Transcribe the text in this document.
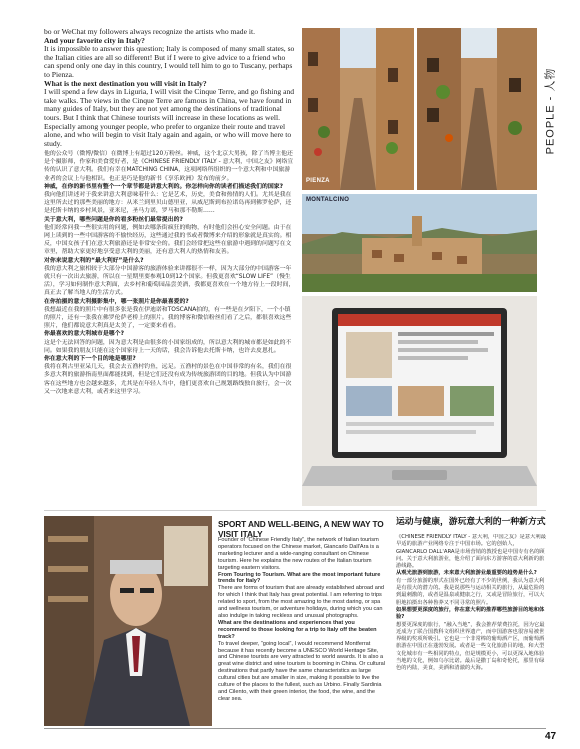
bo or WeChat my followers always recognize the artists who made it.

And your favorite city in Italy?

It is impossible to answer this question; Italy is composed of many small states, so the Italian cities are all so different! But if I were to give advice to a friend who can spend only one day in this country, I would tell him to go to Tuscany, perhaps to Pienza.

What is the next destination you will visit in Italy?

I will spend a few days in Liguria, I will visit the Cinque Terre, and go fishing and take walks. The views in the Cinque Terre are famous in China, we have found in many guides of Italy, but they are not yet among the destinations of traditional tours. But I think that Chinese tourists will increase in these locations as well. Especially among younger people, who prefer to organize their route and travel alone, and who will begin to visit Italy again and again, or who will move here to study.

他的公众号（微博/微信）在微博上有超过120万粉丝。神威，这个北京大男孩，除了当博主他还是个摄影师，作家和美食爱好者，是《CHINESE FRIENDLY ITALY - 意大利，中国之友》网络宣传的认识了意大利。我们有幸在MATCHING CHINA，这项网络所组织的一个意大利和中国旅游业者的会议上与他相识。也正是巧是他的新书《享乐欧洲》发布的前夕。

神威，在你的新书里有整个一个章节都是讲意大利的。你怎样向你的读者们描述我们的国家?

我向他们讲述对于我来讲意大利意味着什么：它是艺术，历史，美食和热情的人们。尤其是我在这里所去过的那些美丽的地方：从米兰到里贝山德里亚，从威尼斯到布拉诺岛再到佛罗伦萨，还是托斯卡纳的乡村风景，亚米尼，圣马力诺，罗马和那不勒斯……

关于意大利，哪些问题是你的看多粉丝们最常提出的?

他们经常问我一些很实用的问题，例如去哪条街疯狂的购物，有时他们会担心安全问题。由于在网上读到的一些中国游客的不愉快经历，这些通过我的书或者微博来介绍的形象就是真实的。相反，中国女孩子们在意大利旅游还是非常安全的。我们会经常把这些在旅游中遇到的问题写在文章里，帮助大家更好地享受意大利的美丽，还有意大利人的热情和友善。

对你来说意大利的“最大利好”是什么?

我的意大利之旅相较于大部分中国游客的旅游体验来讲都很不一样，因为大部分的中国游客一年就只有一次出去旅游，所以在一星期里要参观10到12个国家。但我更喜欢“SLOW LIFE”（慢生活），学习如何制作意大利面，去乡村和葡萄园品尝美酒，我都更喜欢在一个地方待上一段时间，真正去了解当地人的生活方式。

在你拍摄的意大利摄影集中，哪一张照片是你最喜爱的?

我想最近在我的照片中有很多张是我在伊迪诺和TOSCANA拍的，有一些是在夕阳下，一个小镇的照片，还有一张我在佛罗伦萨老桥上的照片。我的博客和微信粉丝们看了之后，都很喜欢这些照片，他们都说意大利真是太美了，一定要来看看。

你最喜欢的意大利城市是哪个?

这是个无法回答的问题，因为意大利是由很多的小国家组成的，所以意大利的城市都是如此的不同。如果我的朋友只能在这个国家待上一天的话，我会告诉他去托斯卡纳，也许去皮恩扎。

你在意大利的下一个目的地是哪里?

我将在利古里亚呆几天，我会去五渔村钓鱼，远足。五渔村的景色在中国非常的有名，我们在很多意大利的旅游指南里面都能找到，但是它们还没有成为传统旅游团的目的地。但我认为中国游客在这些地方也会越来越多，尤其是在年轻人当中，他们更喜欢自己规划路线独自旅行，会一次又一次地来意大利，或者来这里学习。

PIENZA
PEOPLE - 人物
MONTALCINO
SPORT AND WELL-BEING, A NEW WAY TO VISIT ITALY

Founder of “Chinese Friendly Italy”, the network of Italian tourism operators focused on the Chinese market, Giancarlo Dall'Ara is a marketing lecturer and a wide-ranging consultant on Chinese tourism. Here he explains the new routes of the Italian tourism targeting eastern visitors.

From Touring to Tourism. What are the most important future trends for Italy?

There are forms of tourism that are already established abroad and for which I think that Italy has great potential. I am referring to trips related to sport, from the most amazing to the most daring, or spa and wellness tourism, or adventure holidays, during which you can also indulge in taking reckless and unusual photographs.

What are the destinations and experiences that you recommend to those looking for a trip to Italy off the beaten track?

To travel deeper, “going local”, I would recommend Montferrat because it has recently become a UNESCO World Heritage Site, and Chinese tourists are very attracted to world awards. It is also a great wine district and wine tourism is booming in China. Or cultural destinations that partly have the same characteristics as large cultural cities but are smaller in size, making it possible to live the culture of the places to the fullest, such as Urbino. Finally Sardinia and Cilento, with their green interior, the food, the wine, and the clear sea.

运动与健康，游玩意大利的一种新方式

《CHINESE FRIENDLY ITALY - 意大利，中国之友》是意大利最早适的旅游产业网络专注于中国市场。它的创始人，GIANCARLO DALL'ARA是市场营销的教授也是中国专有名的顾问。关于意大利旅游业，他介绍了面向东方游客的意大利新的旅游线路。

从观光旅游到旅游，未来意大利旅游业最重要的趋势是什么?

有一部分旅游的形式在国外已经有了不少的世例，我认为意大利是有很大的潜力的。我是说那些与运动相关的旅行，从最危险的到最刺激的，或者是温泉或健康之行，又或是冒险旅行，可以大胆地拍摄出各种鲁莽又不同寻常的照片。

如果想要更深度的旅行，你在意大利的推荐哪些旅游目的地和体验?

想要更深度的旅行，“融入当地”，我会推荐蒙费拉托，因为它最近成为了联合国教科文组织世界遗产，而中国游客也很容易被世界级的奖项所吸引。它也是一个非常棒的葡萄酒产区，而葡萄酒旅游在中国正在蓬勃发展。或者是一些文化旅游目的地，和大型文化城市有一些相同的特点，但是规模更小，可以更深入地体验当地的文化，例如乌尔比诺。最后是撒丁岛和奇伦托，那里有绿色的内陆，美食，美酒和清澈的大海。

47
